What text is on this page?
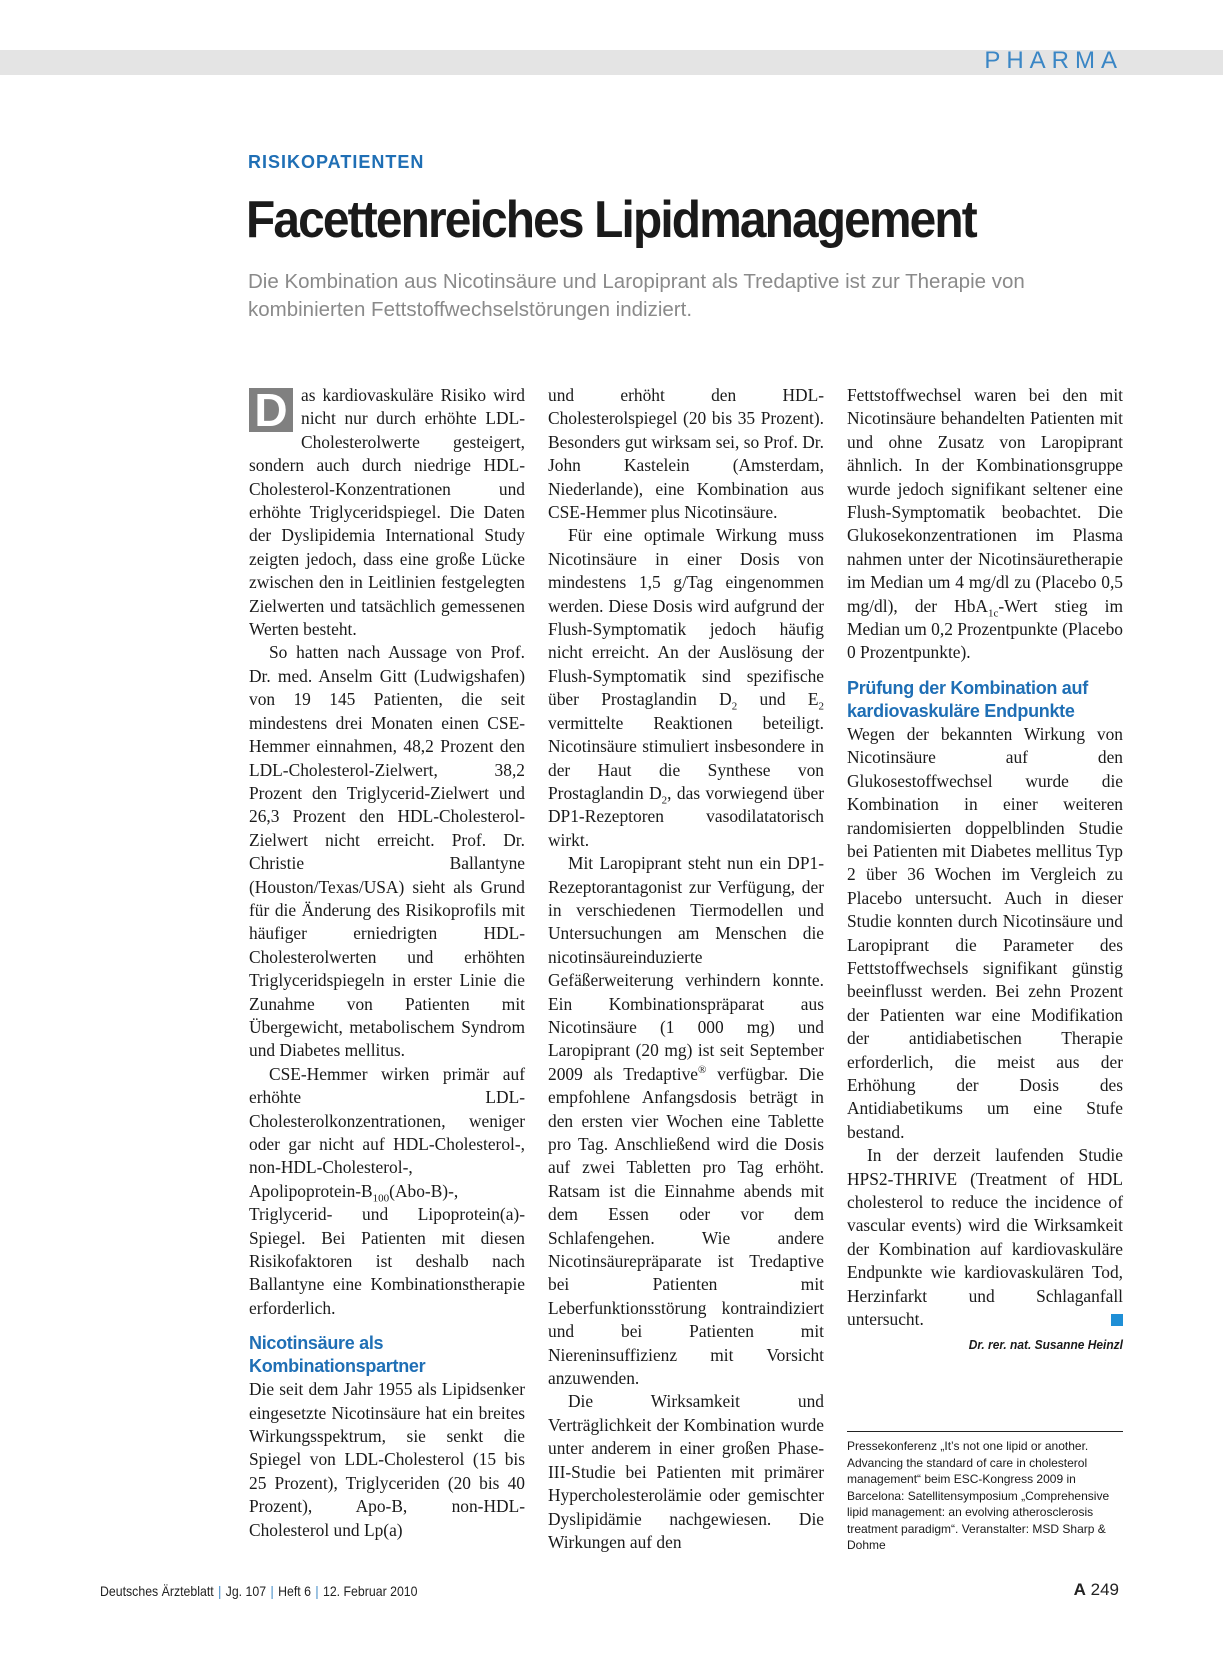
PHARMA
RISIKOPATIENTEN
Facettenreiches Lipidmanagement

Die Kombination aus Nicotinsäure und Laropiprant als Tredaptive ist zur Therapie von kombinierten Fettstoffwechselstörungen indiziert.

D as kardiovaskuläre Risiko wird nicht nur durch erhöhte LDL-Cholesterolwerte gesteigert, sondern auch durch niedrige HDL-Cholesterol-Konzentrationen und erhöhte Triglyceridspiegel. Die Daten der Dyslipidemia International Study zeigten jedoch, dass eine große Lücke zwischen den in Leitlinien festgelegten Zielwerten und tatsächlich gemessenen Werten besteht.

So hatten nach Aussage von Prof. Dr. med. Anselm Gitt (Ludwigshafen) von 19 145 Patienten, die seit mindestens drei Monaten einen CSE-Hemmer einnahmen, 48,2 Prozent den LDL-Cholesterol-Zielwert, 38,2 Prozent den Triglycerid-Zielwert und 26,3 Prozent den HDL-Cholesterol-Zielwert nicht erreicht. Prof. Dr. Christie Ballantyne (Houston/Texas/USA) sieht als Grund für die Änderung des Risikoprofils mit häufiger erniedrigten HDL-Cholesterolwerten und erhöhten Triglyceridspiegeln in erster Linie die Zunahme von Patienten mit Übergewicht, metabolischem Syndrom und Diabetes mellitus.

CSE-Hemmer wirken primär auf erhöhte LDL-Cholesterolkonzentrationen, weniger oder gar nicht auf HDL-Cholesterol-, non-HDL-Cholesterol-, Apolipoprotein-$B_{100}(Abo-B)-$, Triglycerid- und Lipoprotein(a)-Spiegel. Bei Patienten mit diesen Risikofaktoren ist deshalb nach Ballantyne eine Kombinationstherapie erforderlich.

Nicotinsäure als Kombinationspartner

Die seit dem Jahr 1955 als Lipidsenker eingesetzte Nicotinsäure hat ein breites Wirkungsspektrum, sie senkt die Spiegel von LDL-Cholesterol (15 bis 25 Prozent), Triglyceriden (20 bis 40 Prozent), Apo-B, non-HDL-Cholesterol und Lp(a)

und erhöht den HDL-Cholesterolspiegel (20 bis 35 Prozent). Besonders gut wirksam sei, so Prof. Dr. John Kastelein (Amsterdam, Niederlande), eine Kombination aus CSE-Hemmer plus Nicotinsäure.

Für eine optimale Wirkung muss Nicotinsäure in einer Dosis von mindestens 1,5 g/Tag eingenommen werden. Diese Dosis wird aufgrund der Flush-Symptomatik jedoch häufig nicht erreicht. An der Auslösung der Flush-Symptomatik sind spezifische über Prostaglandin $D_2$ und $E_2$ vermittelte Reaktionen beteiligt. Nicotinsäure stimuliert insbesondere in der Haut die Synthese von Prostaglandin $D_2$, das vorwiegend über DP1-Rezeptoren vasodilatatorisch wirkt.

Mit Laropiprant steht nun ein DP1-Rezeptorantagonist zur Verfügung, der in verschiedenen Tiermodellen und Untersuchungen am Menschen die nicotinsäureinduzierte Gefäßerweiterung verhindern konnte. Ein Kombinationspräparat aus Nicotinsäure (1 000 mg) und Laropiprant (20 mg) ist seit September 2009 als Tredaptive® verfügbar. Die empfohlene Anfangsdosis beträgt in den ersten vier Wochen eine Tablette pro Tag. Anschließend wird die Dosis auf zwei Tabletten pro Tag erhöht. Ratsam ist die Einnahme abends mit dem Essen oder vor dem Schlafengehen. Wie andere Nicotinsäurepräparate ist Tredaptive bei Patienten mit Leberfunktionsstörung kontraindiziert und bei Patienten mit Niereninsuffizienz mit Vorsicht anzuwenden.

Die Wirksamkeit und Verträglichkeit der Kombination wurde unter anderem in einer großen Phase-III-Studie bei Patienten mit primärer Hypercholesterolämie oder gemischter Dyslipidämie nachgewiesen. Die Wirkungen auf den

Fettstoffwechsel waren bei den mit Nicotinsäure behandelten Patienten mit und ohne Zusatz von Laropiprant ähnlich. In der Kombinationsgruppe wurde jedoch signifikant seltener eine Flush-Symptomatik beobachtet. Die Glukosekonzentrationen im Plasma nahmen unter der Nicotinsäuretherapie im Median um 4 mg/dl zu (Placebo 0,5 mg/dl), der HbA$_{1c}$-Wert stieg im Median um 0,2 Prozentpunkte (Placebo 0 Prozentpunkte).

Prüfung der Kombination auf kardiovaskuläre Endpunkte

Wegen der bekannten Wirkung von Nicotinsäure auf den Glukosestoffwechsel wurde die Kombination in einer weiteren randomisierten doppelblinden Studie bei Patienten mit Diabetes mellitus Typ 2 über 36 Wochen im Vergleich zu Placebo untersucht. Auch in dieser Studie konnten durch Nicotinsäure und Laropiprant die Parameter des Fettstoffwechsels signifikant günstig beeinflusst werden. Bei zehn Prozent der Patienten war eine Modifikation der antidiabetischen Therapie erforderlich, die meist aus der Erhöhung der Dosis des Antidiabetikums um eine Stufe bestand.

In der derzeit laufenden Studie HPS2-THRIVE (Treatment of HDL cholesterol to reduce the incidence of vascular events) wird die Wirksamkeit der Kombination auf kardiovaskuläre Endpunkte wie kardiovaskulären Tod, Herzinfarkt und Schlaganfall untersucht.

Dr. rer. nat. Susanne Heinzl
Pressekonferenz „It’s not one lipid or another. Advancing the standard of care in cholesterol management“ beim ESC-Kongress 2009 in Barcelona: Satellitensymposium „Comprehensive lipid management: an evolving atherosclerosis treatment paradigm“. Veranstalter: MSD Sharp & Dohme
Deutsches Ärzteblatt | Jg. 107 | Heft 6 | 12. Februar 2010	A 249
